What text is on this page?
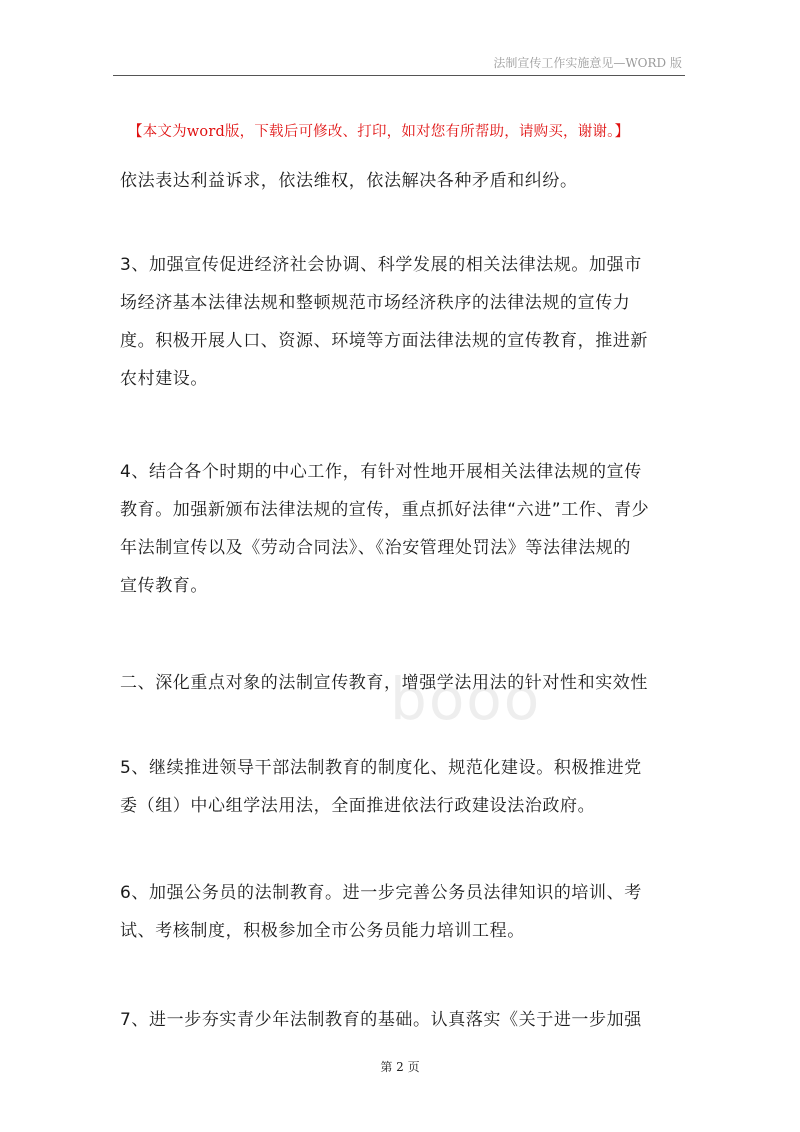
法制宣传工作实施意见—WORD 版
【本文为word版，下载后可修改、打印，如对您有所帮助，请购买，谢谢。】
booo
依法表达利益诉求，依法维权，依法解决各种矛盾和纠纷。
3、加强宣传促进经济社会协调、科学发展的相关法律法规。加强市
场经济基本法律法规和整顿规范市场经济秩序的法律法规的宣传力
度。积极开展人口、资源、环境等方面法律法规的宣传教育，推进新
农村建设。
4、结合各个时期的中心工作，有针对性地开展相关法律法规的宣传
教育。加强新颁布法律法规的宣传，重点抓好法律“六进”工作、青少
年法制宣传以及《劳动合同法》、《治安管理处罚法》等法律法规的
宣传教育。
二、深化重点对象的法制宣传教育，增强学法用法的针对性和实效性
5、继续推进领导干部法制教育的制度化、规范化建设。积极推进党
委（组）中心组学法用法，全面推进依法行政建设法治政府。
6、加强公务员的法制教育。进一步完善公务员法律知识的培训、考
试、考核制度，积极参加全市公务员能力培训工程。
7、进一步夯实青少年法制教育的基础。认真落实《关于进一步加强
第 2 页
